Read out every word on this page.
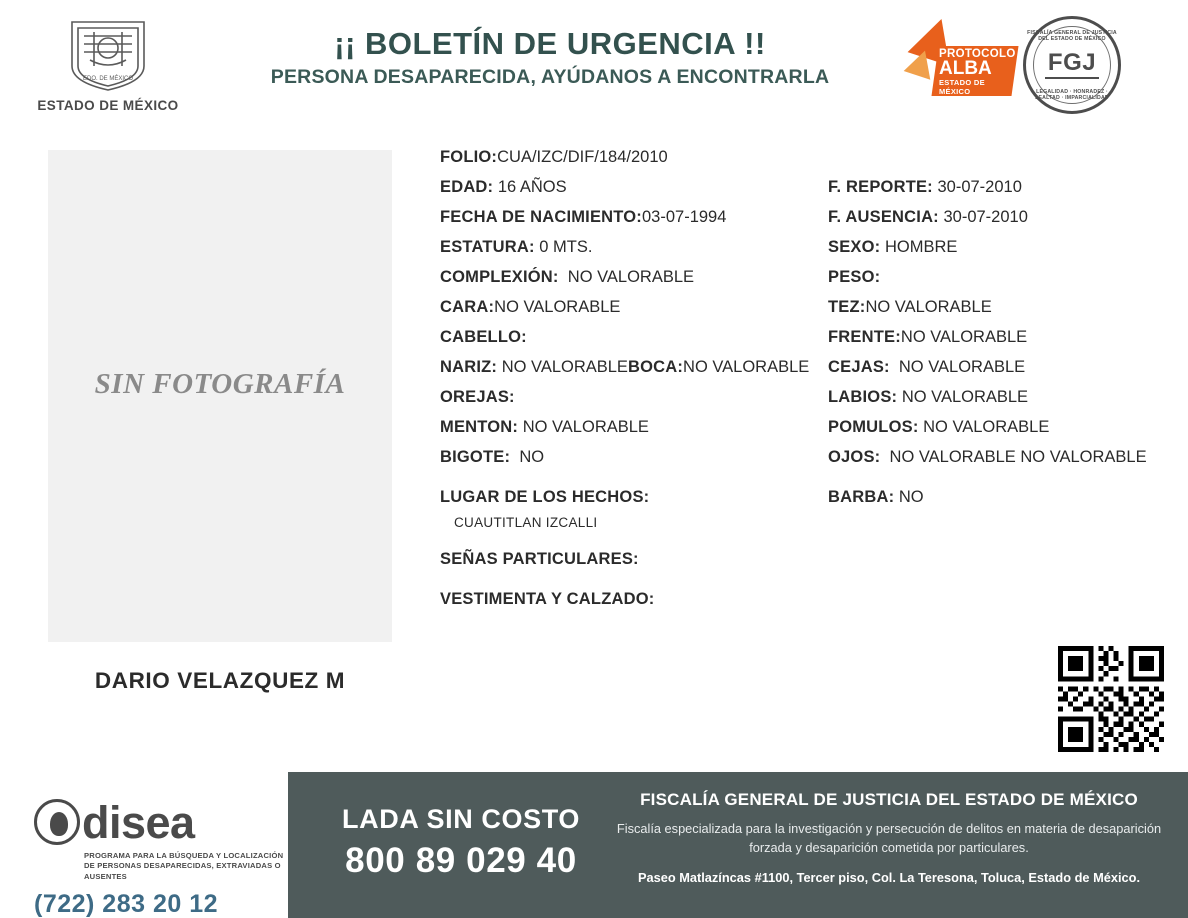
EDO. DE MÉXICO
ESTADO DE MÉXICO
¡¡ BOLETÍN DE URGENCIA !!
PERSONA DESAPARECIDA, AYÚDANOS A ENCONTRARLA
PROTOCOLO
ALBA
ESTADO DE MÉXICO
FISCALÍA GENERAL DE JUSTICIA DEL ESTADO DE MÉXICO
FGJ
LEGALIDAD · HONRADEZ · LEALTAD · IMPARCIALIDAD
SIN FOTOGRAFÍA
DARIO VELAZQUEZ M
FOLIO:CUA/IZC/DIF/184/2010
EDAD: 16 AÑOS
FECHA DE NACIMIENTO:03-07-1994
ESTATURA: 0 MTS.
COMPLEXIÓN: NO VALORABLE
CARA:NO VALORABLE
CABELLO:
NARIZ: NO VALORABLEBOCA:NO VALORABLE
OREJAS:
MENTON: NO VALORABLE
BIGOTE: NO
LUGAR DE LOS HECHOS:
CUAUTITLAN IZCALLI
SEÑAS PARTICULARES:
VESTIMENTA Y CALZADO:
F. REPORTE: 30-07-2010
F. AUSENCIA: 30-07-2010
SEXO: HOMBRE
PESO:
TEZ:NO VALORABLE
FRENTE:NO VALORABLE
CEJAS: NO VALORABLE
LABIOS: NO VALORABLE
POMULOS: NO VALORABLE
OJOS: NO VALORABLE NO VALORABLE
BARBA: NO
disea
PROGRAMA PARA LA BÚSQUEDA Y LOCALIZACIÓN DE PERSONAS DESAPARECIDAS, EXTRAVIADAS O AUSENTES
(722) 283 20 12
LADA SIN COSTO
800 89 029 40
FISCALÍA GENERAL DE JUSTICIA DEL ESTADO DE MÉXICO
Fiscalía especializada para la investigación y persecución de delitos en materia de desaparición forzada y desaparición cometida por particulares.
Paseo Matlazíncas #1100, Tercer piso, Col. La Teresona, Toluca, Estado de México.
